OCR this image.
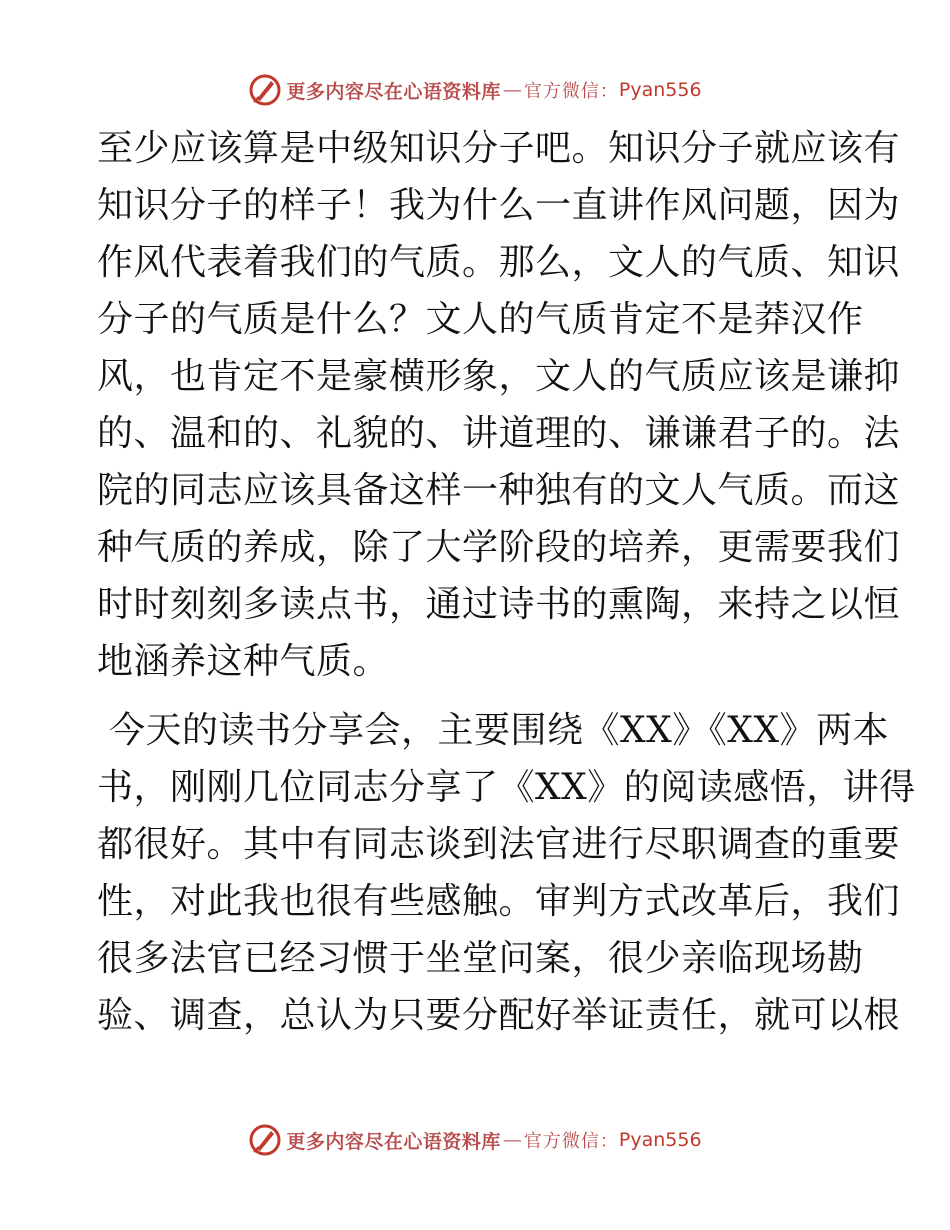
更多内容尽在心语资料库 — 官方微信： Pyan556
至少应该算是中级知识分子吧。知识分子就应该有
知识分子的样子！我为什么一直讲作风问题，因为
作风代表着我们的气质。那么，文人的气质、知识
分子的气质是什么？文人的气质肯定不是莽汉作
风，也肯定不是豪横形象，文人的气质应该是谦抑
的、温和的、礼貌的、讲道理的、谦谦君子的。法
院的同志应该具备这样一种独有的文人气质。而这
种气质的养成，除了大学阶段的培养，更需要我们
时时刻刻多读点书，通过诗书的熏陶，来持之以恒
地涵养这种气质。
今天的读书分享会，主要围绕《XX》《XX》两本
书，刚刚几位同志分享了《XX》的阅读感悟，讲得
都很好。其中有同志谈到法官进行尽职调查的重要
性，对此我也很有些感触。审判方式改革后，我们
很多法官已经习惯于坐堂问案，很少亲临现场勘
验、调查，总认为只要分配好举证责任，就可以根
更多内容尽在心语资料库 — 官方微信： Pyan556
